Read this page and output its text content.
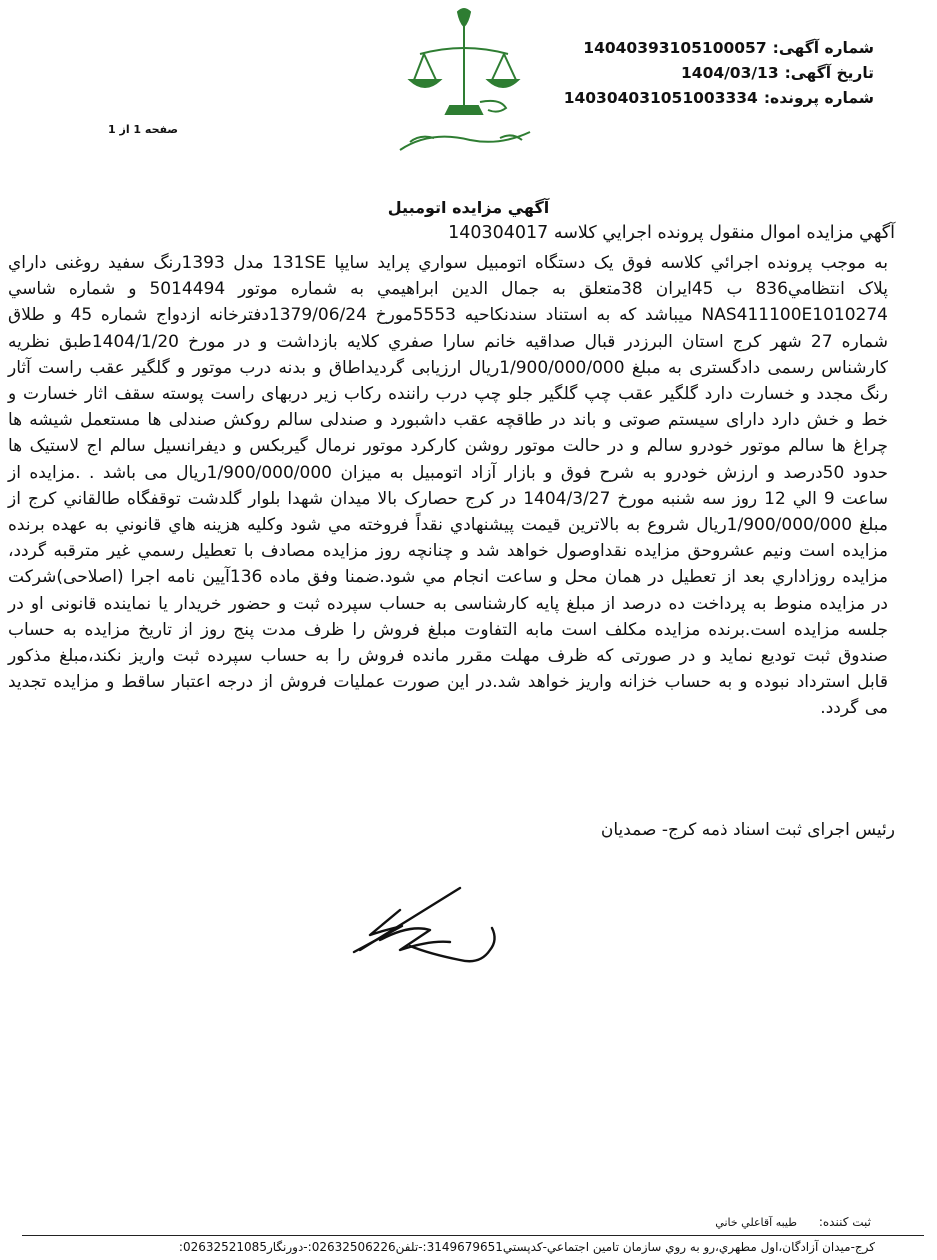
شماره آگهی:14040393105100057
تاریخ آگهی:1404/03/13
شماره پرونده:140304031051003334
صفحه 1 از 1
آگهي مزايده اتومبيل
آگهي مزايده اموال منقول پرونده اجرايي كلاسه 140304017

به موجب پرونده اجرائي كلاسه فوق يک دستگاه اتومبيل سواري پرايد سايپا 131SE مدل 1393رنگ سفيد روغنى داراي پلاک انتظامي836 ب 45ايران 38متعلق به جمال الدين ابراهيمي به شماره موتور 5014494 و شماره شاسي NAS411100E1010274 ميباشد كه به استناد سندنكاحيه 5553مورخ 1379/06/24دفترخانه ازدواج شماره 45 و طلاق شماره 27 شهر كرج استان البرزدر قبال صداقيه خانم سارا صفري كلايه بازداشت و در مورخ 1404/1/20طبق نظريه كارشناس رسمى دادگسترى به مبلغ 1/900/000/000ريال ارزيابى گرديداطاق و بدنه درب موتور و گلگير عقب راست آثار رنگ مجدد و خسارت دارد گلگير عقب چپ گلگير جلو چپ درب راننده ركاب زير دربهاى راست پوسته سقف اثار خسارت و خط و خش دارد داراى سيستم صوتى و باند در طاقچه عقب داشبورد و صندلى سالم روكش صندلى ها مستعمل شيشه ها چراغ ها سالم موتور خودرو سالم و در حالت موتور روشن كاركرد موتور نرمال گيربكس و ديفرانسيل سالم اج لاستيک ها حدود 50درصد و ارزش خودرو به شرح فوق و بازار آزاد اتومبيل به ميزان 1/900/000/000ريال مى باشد . .مزايده از ساعت 9 الي 12 روز سه شنبه مورخ 1404/3/27 در كرج حصارک بالا ميدان شهدا بلوار گلدشت توقفگاه طالقاني كرج از مبلغ 1/900/000/000ريال شروع به بالاترين قيمت پيشنهادي نقداً فروخته مي شود وكليه هزينه هاي قانوني به عهده برنده مزايده است ونيم عشروحق مزايده نقداوصول خواهد شد و چنانچه روز مزايده مصادف با تعطيل رسمي غير مترقبه گردد، مزايده روزاداري بعد از تعطيل در همان محل و ساعت انجام مي شود.ضمنا وفق ماده 136آيين نامه اجرا (اصلاحى)شركت در مزايده منوط به پرداخت ده درصد از مبلغ پايه كارشناسى به حساب سپرده ثبت و حضور خريدار يا نماينده قانونى او در جلسه مزايده است.برنده مزايده مكلف است مابه التفاوت مبلغ فروش را ظرف مدت پنج روز از تاريخ مزايده به حساب صندوق ثبت توديع نمايد و در صورتى كه ظرف مهلت مقرر مانده فروش را به حساب سپرده ثبت واريز نكند،مبلغ مذكور قابل استرداد نبوده و به حساب خزانه واريز خواهد شد.در اين صورت عمليات فروش از درجه اعتبار ساقط و مزايده تجديد مى گردد.

رئيس اجراى ثبت اسناد ذمه كرج- صمديان
ثبت كننده: طيبه آقاعلي خاني
كرج-ميدان آزادگان،اول مطهري،رو به روي سازمان تامين اجتماعي-كدپستي3149679651:-تلفن02632506226:-دورنگار02632521085:
